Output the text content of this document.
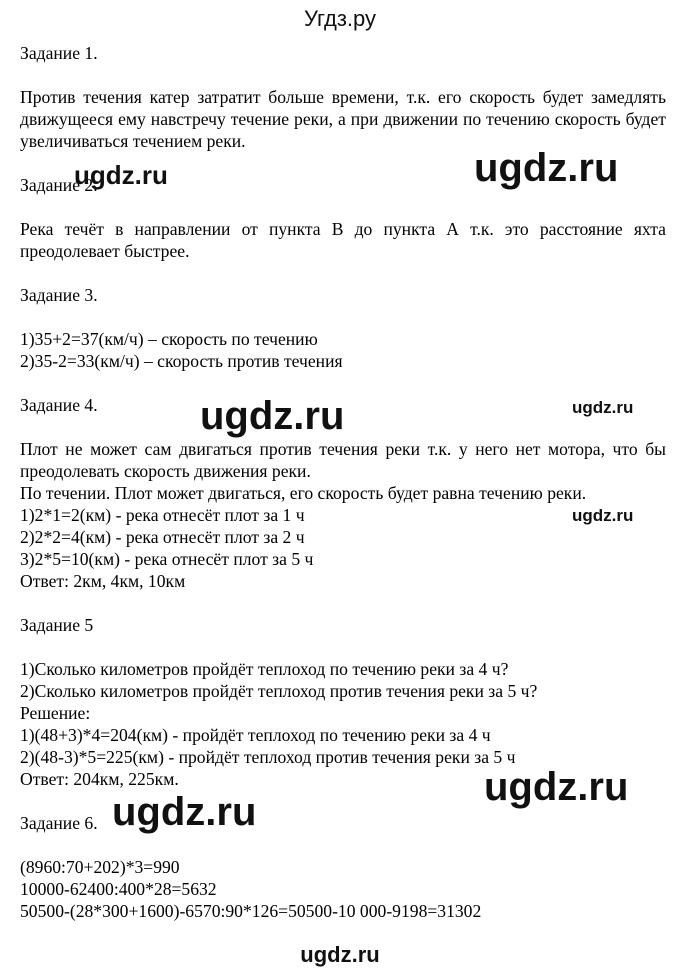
Угдз.ру
Задание 1.
Против течения катер затратит больше времени, т.к. его скорость будет замедлять движущееся ему навстречу течение реки, а при движении по течению скорость будет увеличиваться течением реки.
Задание 2.
Река течёт в направлении от пункта В до пункта А т.к. это расстояние яхта преодолевает быстрее.
Задание 3.
1)35+2=37(км/ч) – скорость по течению
2)35-2=33(км/ч) – скорость против течения
Задание 4.
Плот не может сам двигаться против течения реки т.к. у него нет мотора, что бы преодолевать скорость движения реки.
По течении. Плот может двигаться, его скорость будет равна течению реки.
1)2*1=2(км) - река отнесёт плот за 1 ч
2)2*2=4(км) - река отнесёт плот за 2 ч
3)2*5=10(км) - река отнесёт плот за 5 ч
Ответ: 2км, 4км, 10км
Задание 5
1)Сколько километров пройдёт теплоход по течению реки за 4 ч?
2)Сколько километров пройдёт теплоход против течения реки за 5 ч?
Решение:
1)(48+3)*4=204(км) - пройдёт теплоход по течению реки за 4 ч
2)(48-3)*5=225(км) - пройдёт теплоход против течения реки за 5 ч
Ответ: 204км, 225км.
Задание 6.
(8960:70+202)*3=990
10000-62400:400*28=5632
50500-(28*300+1600)-6570:90*126=50500-10 000-9198=31302
ugdz.ru
ugdz.ru
ugdz.ru	ugdz.ru
ugdz.ru
ugdz.ru
ugdz.ru
ugdz.ru
